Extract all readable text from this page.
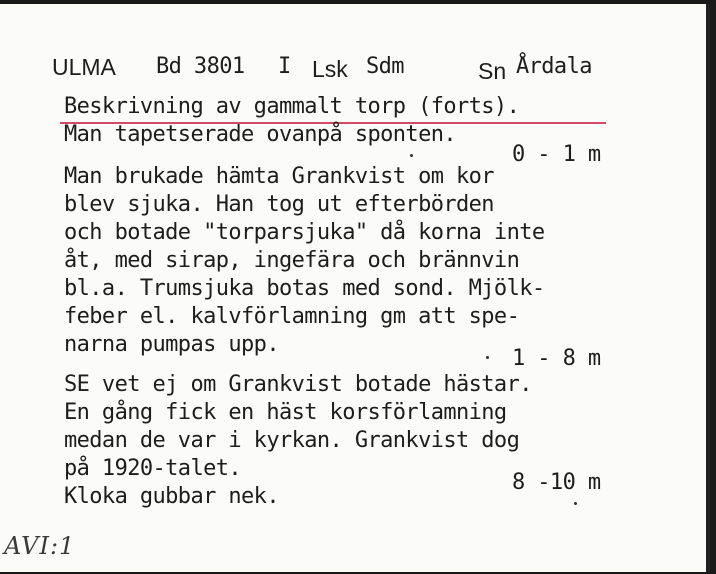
ULMA Bd 3801 I Lsk Sdm	Sn Årdala
Beskrivning av gammalt torp (forts).
Man tapetserade ovanpå sponten.
Man brukade hämta Grankvist om kor
blev sjuka. Han tog ut efterbörden
och botade "torparsjuka" då korna inte
åt, med sirap, ingefära och brännvin
bl.a. Trumsjuka botas med sond. Mjölk-
feber el. kalvförlamning gm att spe-
narna pumpas upp.
SE vet ej om Grankvist botade hästar.
En gång fick en häst korsförlamning
medan de var i kyrkan. Grankvist dog
på 1920-talet.
Kloka gubbar nek.
0 - 1 m
1 - 8 m
8 -10 m
AVI:1
